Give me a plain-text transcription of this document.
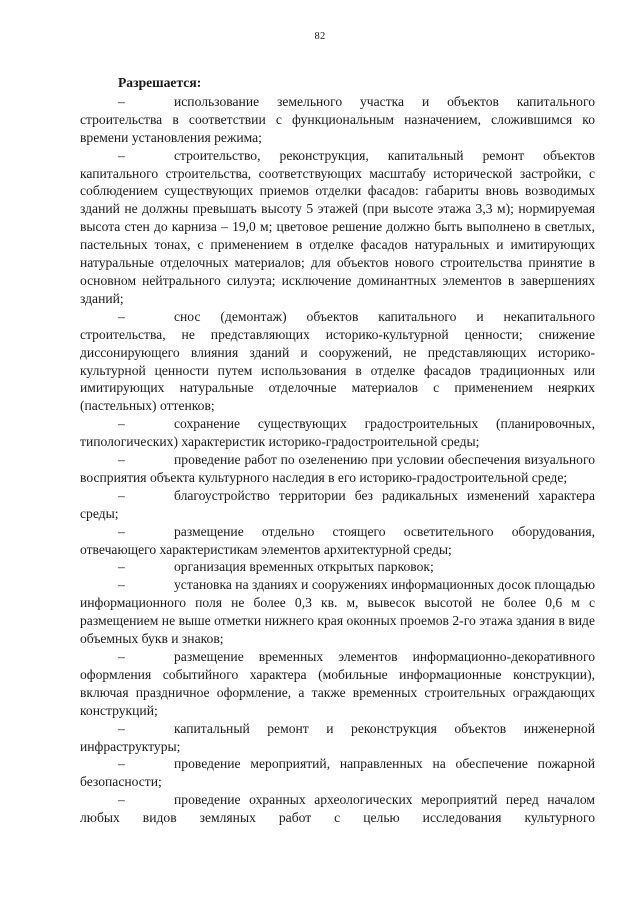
82
Разрешается:

–	использование земельного участка и объектов капитального строительства в соответствии с функциональным назначением, сложившимся ко времени установления режима;

–	строительство, реконструкция, капитальный ремонт объектов капитального строительства, соответствующих масштабу исторической застройки, с соблюдением существующих приемов отделки фасадов: габариты вновь возводимых зданий не должны превышать высоту 5 этажей (при высоте этажа 3,3 м); нормируемая высота стен до карниза – 19,0 м; цветовое решение должно быть выполнено в светлых, пастельных тонах, с применением в отделке фасадов натуральных и имитирующих натуральные отделочных материалов; для объектов нового строительства принятие в основном нейтрального силуэта; исключение доминантных элементов в завершениях зданий;

–	снос (демонтаж) объектов капитального и некапитального строительства, не представляющих историко-культурной ценности; снижение диссонирующего влияния зданий и сооружений, не представляющих историко-культурной ценности путем использования в отделке фасадов традиционных или имитирующих натуральные отделочные материалов с применением неярких (пастельных) оттенков;

–	сохранение существующих градостроительных (планировочных, типологических) характеристик историко-градостроительной среды;

–	проведение работ по озеленению при условии обеспечения визуального восприятия объекта культурного наследия в его историко-градостроительной среде;

–	благоустройство территории без радикальных изменений характера среды;

–	размещение отдельно стоящего осветительного оборудования, отвечающего характеристикам элементов архитектурной среды;

–	организация временных открытых парковок;

–	установка на зданиях и сооружениях информационных досок площадью информационного поля не более 0,3 кв. м, вывесок высотой не более 0,6 м с размещением не выше отметки нижнего края оконных проемов 2-го этажа здания в виде объемных букв и знаков;

–	размещение временных элементов информационно-декоративного оформления событийного характера (мобильные информационные конструкции), включая праздничное оформление, а также временных строительных ограждающих конструкций;

–	капитальный ремонт и реконструкция объектов инженерной инфраструктуры;

–	проведение мероприятий, направленных на обеспечение пожарной безопасности;

–	проведение охранных археологических мероприятий перед началом любых видов земляных работ с целью исследования культурного
